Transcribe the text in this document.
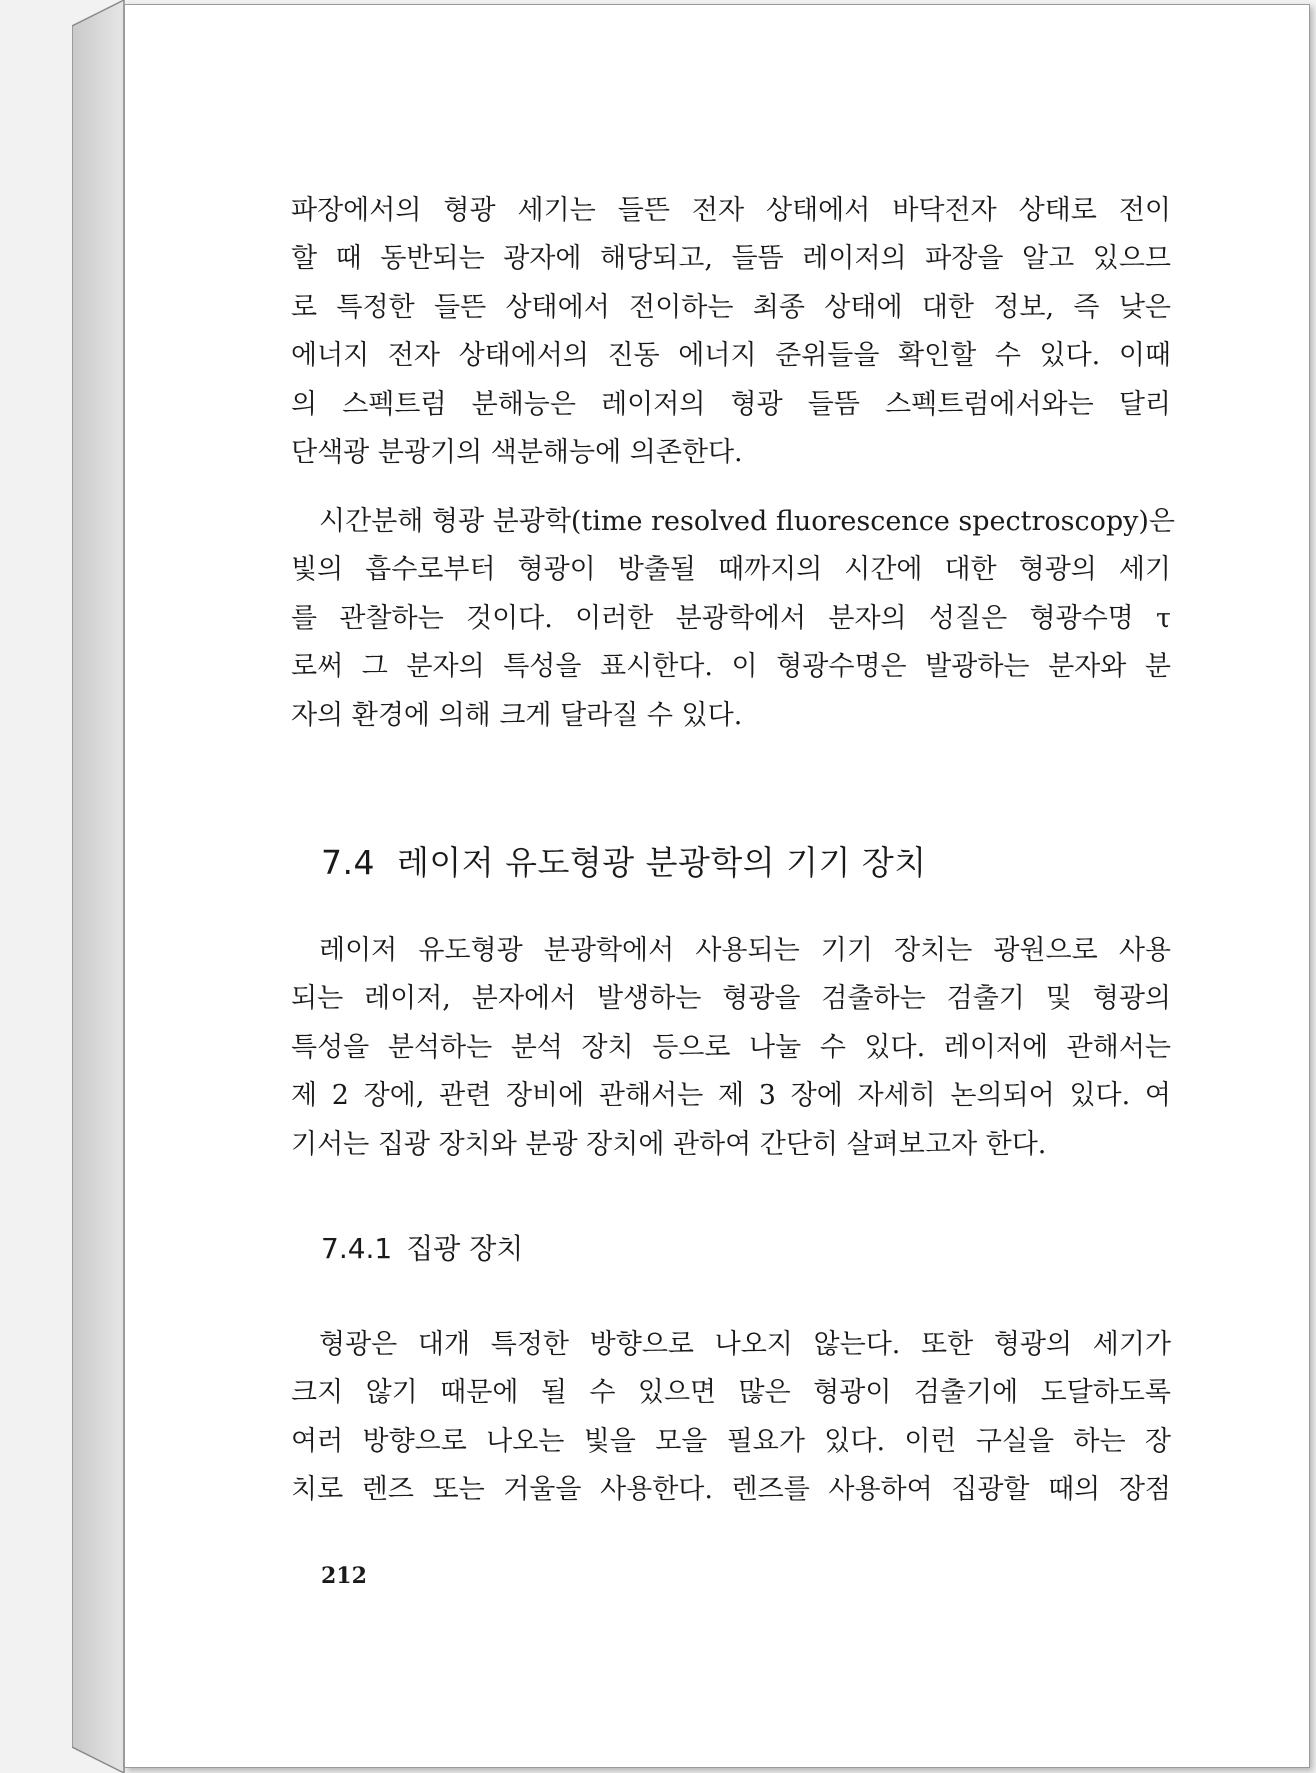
파장에서의 형광 세기는 들뜬 전자 상태에서 바닥전자 상태로 전이
할 때 동반되는 광자에 해당되고, 들뜸 레이저의 파장을 알고 있으므
로 특정한 들뜬 상태에서 전이하는 최종 상태에 대한 정보, 즉 낮은
에너지 전자 상태에서의 진동 에너지 준위들을 확인할 수 있다. 이때
의 스펙트럼 분해능은 레이저의 형광 들뜸 스펙트럼에서와는 달리
단색광 분광기의 색분해능에 의존한다.
시간분해 형광 분광학(time resolved fluorescence spectroscopy)은
빛의 흡수로부터 형광이 방출될 때까지의 시간에 대한 형광의 세기
를 관찰하는 것이다. 이러한 분광학에서 분자의 성질은 형광수명 τ
로써 그 분자의 특성을 표시한다. 이 형광수명은 발광하는 분자와 분
자의 환경에 의해 크게 달라질 수 있다.
7.4 레이저 유도형광 분광학의 기기 장치
레이저 유도형광 분광학에서 사용되는 기기 장치는 광원으로 사용
되는 레이저, 분자에서 발생하는 형광을 검출하는 검출기 및 형광의
특성을 분석하는 분석 장치 등으로 나눌 수 있다. 레이저에 관해서는
제 2 장에, 관련 장비에 관해서는 제 3 장에 자세히 논의되어 있다. 여
기서는 집광 장치와 분광 장치에 관하여 간단히 살펴보고자 한다.
7.4.1 집광 장치
형광은 대개 특정한 방향으로 나오지 않는다. 또한 형광의 세기가
크지 않기 때문에 될 수 있으면 많은 형광이 검출기에 도달하도록
여러 방향으로 나오는 빛을 모을 필요가 있다. 이런 구실을 하는 장
치로 렌즈 또는 거울을 사용한다. 렌즈를 사용하여 집광할 때의 장점
212
